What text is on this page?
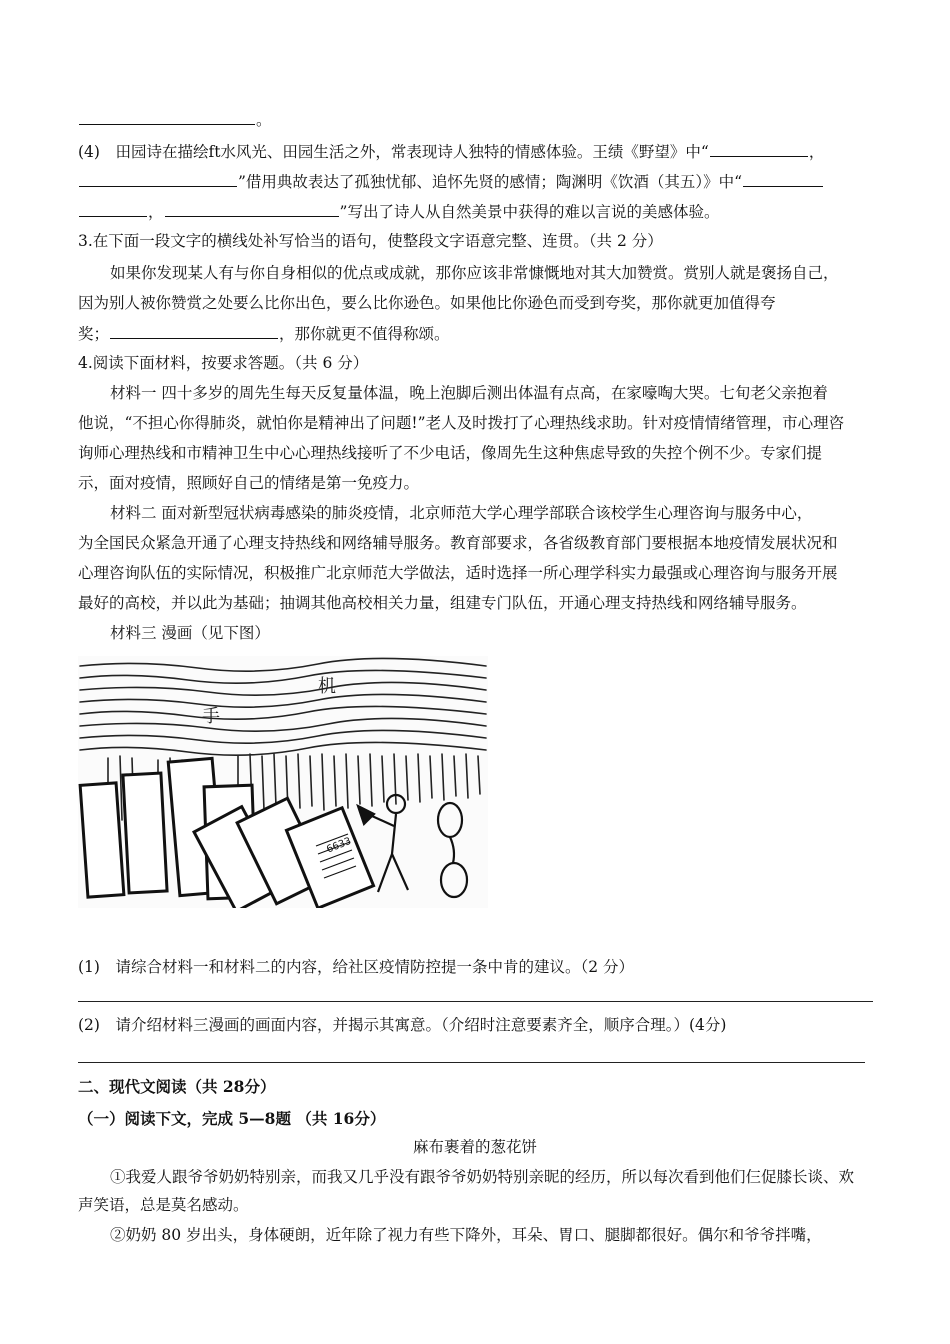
。
(4)　田园诗在描绘ft水风光、田园生活之外，常表现诗人独特的情感体验。王绩《野望》中“	，
”借用典故表达了孤独忧郁、追怀先贤的感情；陶渊明《饮酒（其五）》中“
，	”写出了诗人从自然美景中获得的难以言说的美感体验。
3.在下面一段文字的横线处补写恰当的语句，使整段文字语意完整、连贯。（共 2 分）
如果你发现某人有与你自身相似的优点或成就，那你应该非常慷慨地对其大加赞赏。赏别人就是褒扬自己，
因为别人被你赞赏之处要么比你出色，要么比你逊色。如果他比你逊色而受到夸奖，那你就更加值得夸
奖；	，那你就更不值得称颂。
4.阅读下面材料，按要求答题。（共 6 分）
材料一 四十多岁的周先生每天反复量体温，晚上泡脚后测出体温有点高，在家嚎啕大哭。七旬老父亲抱着
他说，“不担心你得肺炎，就怕你是精神出了问题!”老人及时拨打了心理热线求助。针对疫情情绪管理，市心理咨
询师心理热线和市精神卫生中心心理热线接听了不少电话，像周先生这种焦虑导致的失控个例不少。专家们提
示，面对疫情，照顾好自己的情绪是第一免疫力。
材料二 面对新型冠状病毒感染的肺炎疫情，北京师范大学心理学部联合该校学生心理咨询与服务中心，
为全国民众紧急开通了心理支持热线和网络辅导服务。教育部要求，各省级教育部门要根据本地疫情发展状况和
心理咨询队伍的实际情况，积极推广北京师范大学做法，适时选择一所心理学科实力最强或心理咨询与服务开展
最好的高校，并以此为基础；抽调其他高校相关力量，组建专门队伍，开通心理支持热线和网络辅导服务。
材料三 漫画（见下图）
机
手
6633
(1)　请综合材料一和材料二的内容，给社区疫情防控提一条中肯的建议。（2 分）
(2)　请介绍材料三漫画的画面内容，并揭示其寓意。（介绍时注意要素齐全，顺序合理。）(4分)
二、现代文阅读（共 28分）
（一）阅读下文，完成 5—8题 （共 16分）
麻布裹着的葱花饼
①我爱人跟爷爷奶奶特别亲，而我又几乎没有跟爷爷奶奶特别亲昵的经历，所以每次看到他们仨促膝长谈、欢
声笑语，总是莫名感动。
②奶奶 80 岁出头，身体硬朗，近年除了视力有些下降外，耳朵、胃口、腿脚都很好。偶尔和爷爷拌嘴，
